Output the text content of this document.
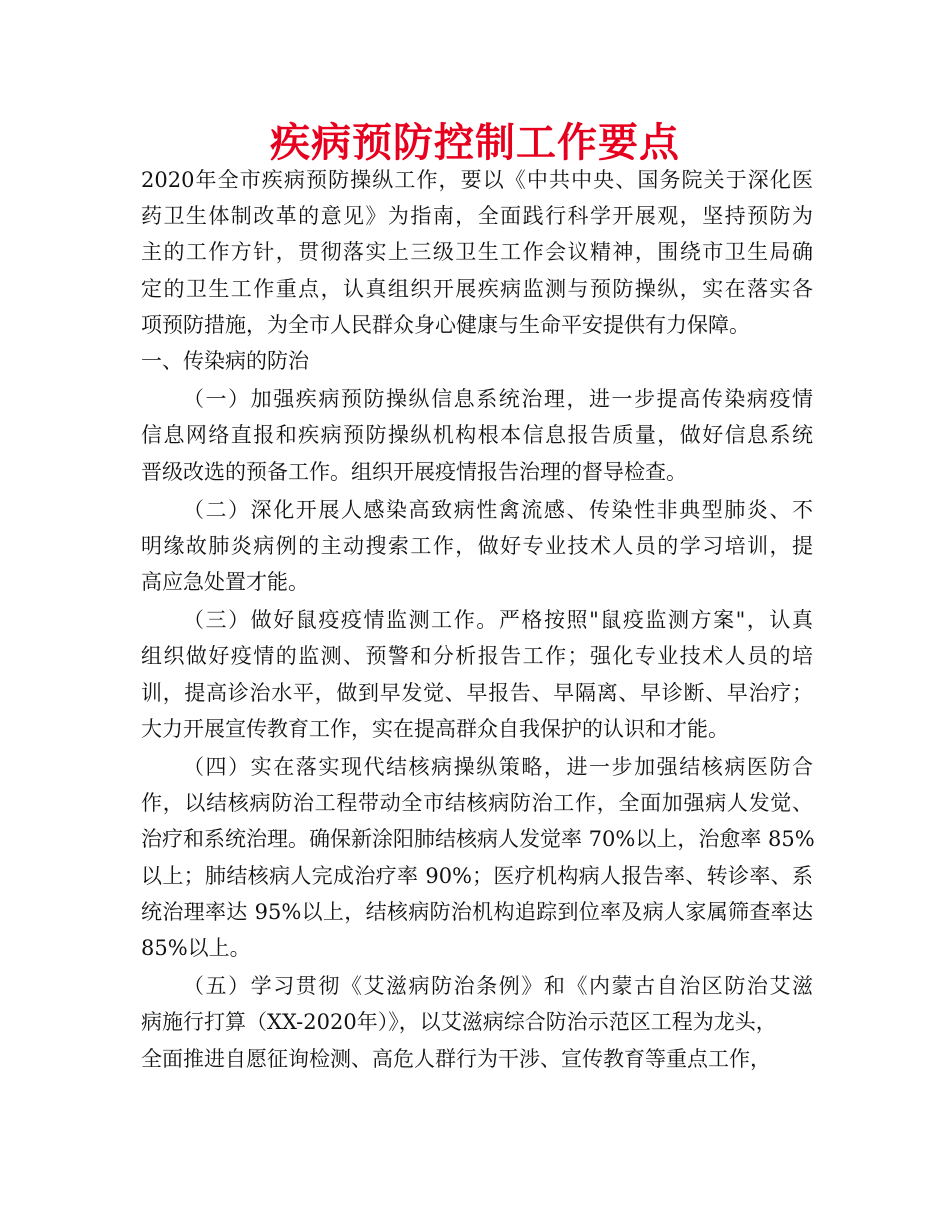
疾病预防控制工作要点
2020年全市疾病预防操纵工作，要以《中共中央、国务院关于深化医
药卫生体制改革的意见》为指南，全面践行科学开展观，坚持预防为
主的工作方针，贯彻落实上三级卫生工作会议精神，围绕市卫生局确
定的卫生工作重点，认真组织开展疾病监测与预防操纵，实在落实各
项预防措施，为全市人民群众身心健康与生命平安提供有力保障。
一、传染病的防治
（一）加强疾病预防操纵信息系统治理，进一步提高传染病疫情
信息网络直报和疾病预防操纵机构根本信息报告质量，做好信息系统
晋级改选的预备工作。组织开展疫情报告治理的督导检查。
（二）深化开展人感染高致病性禽流感、传染性非典型肺炎、不
明缘故肺炎病例的主动搜索工作，做好专业技术人员的学习培训，提
高应急处置才能。
（三）做好鼠疫疫情监测工作。严格按照"鼠疫监测方案"，认真
组织做好疫情的监测、预警和分析报告工作；强化专业技术人员的培
训，提高诊治水平，做到早发觉、早报告、早隔离、早诊断、早治疗；
大力开展宣传教育工作，实在提高群众自我保护的认识和才能。
（四）实在落实现代结核病操纵策略，进一步加强结核病医防合
作，以结核病防治工程带动全市结核病防治工作，全面加强病人发觉、
治疗和系统治理。确保新涂阳肺结核病人发觉率 70%以上，治愈率 85%
以上；肺结核病人完成治疗率 90%；医疗机构病人报告率、转诊率、系
统治理率达 95%以上，结核病防治机构追踪到位率及病人家属筛查率达
85%以上。
（五）学习贯彻《艾滋病防治条例》和《内蒙古自治区防治艾滋
病施行打算（XX-2020年）》，以艾滋病综合防治示范区工程为龙头，
全面推进自愿征询检测、高危人群行为干涉、宣传教育等重点工作，
